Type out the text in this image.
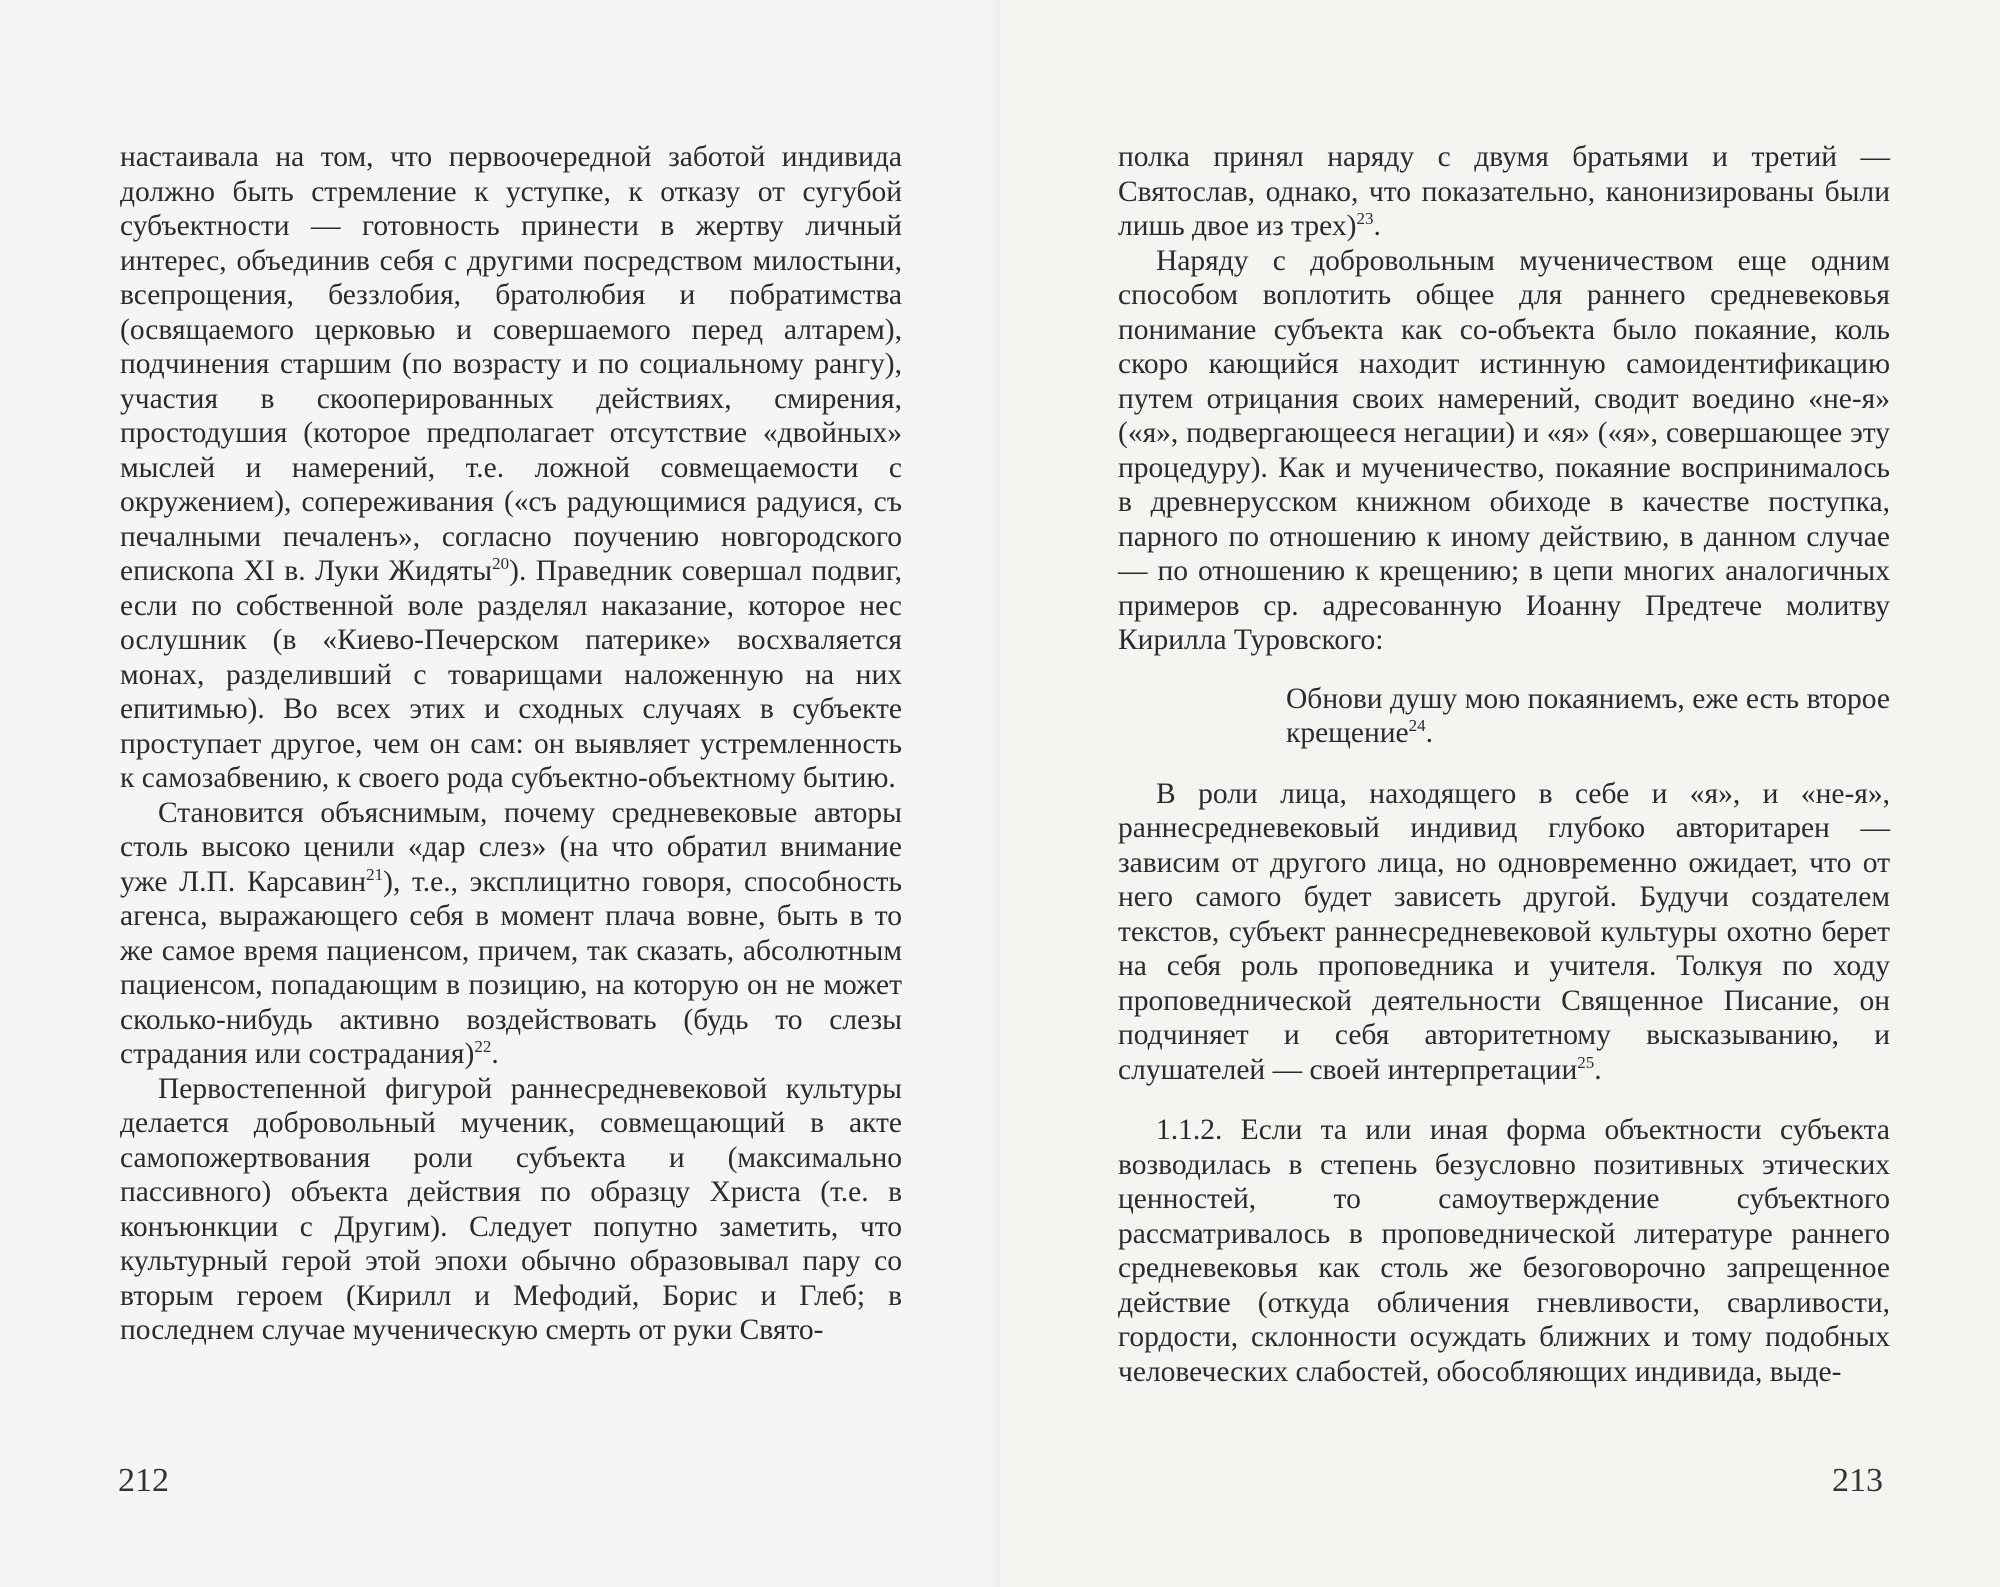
настаивала на том, что первоочередной заботой индивида должно быть стремление к уступке, к отказу от сугубой субъектности — готовность принести в жертву личный интерес, объединив себя с другими посредством милостыни, всепрощения, беззлобия, братолюбия и побратимства (освящаемого церковью и совершаемого перед алтарем), подчинения старшим (по возрасту и по социальному рангу), участия в скооперированных действиях, смирения, простодушия (которое предполагает отсутствие «двойных» мыслей и намерений, т.е. ложной совмещаемости с окружением), сопереживания («съ радующимися радуися, съ печалными печаленъ», согласно поучению новгородского епископа XI в. Луки Жидяты$^{20}$). Праведник совершал подвиг, если по собственной воле разделял наказание, которое нес ослушник (в «Киево-Печерском патерике» восхваляется монах, разделивший с товарищами наложенную на них епитимью). Во всех этих и сходных случаях в субъекте проступает другое, чем он сам: он выявляет устремленность к самозабвению, к своего рода субъектно-объектному бытию.

Становится объяснимым, почему средневековые авторы столь высоко ценили «дар слез» (на что обратил внимание уже Л.П. Карсавин$^{21}$), т.е., эксплицитно говоря, способность агенса, выражающего себя в момент плача вовне, быть в то же самое время пациенсом, причем, так сказать, абсолютным пациенсом, попадающим в позицию, на которую он не может сколько-нибудь активно воздействовать (будь то слезы страдания или сострадания)$^{22}$.

Первостепенной фигурой раннесредневековой культуры делается добровольный мученик, совмещающий в акте самопожертвования роли субъекта и (максимально пассивного) объекта действия по образцу Христа (т.е. в конъюнкции с Другим). Следует попутно заметить, что культурный герой этой эпохи обычно образовывал пару со вторым героем (Кирилл и Мефодий, Борис и Глеб; в последнем случае мученическую смерть от руки Свято-

212

полка принял наряду с двумя братьями и третий — Святослав, однако, что показательно, канонизированы были лишь двое из трех)$^{23}$.

Наряду с добровольным мученичеством еще одним способом воплотить общее для раннего средневековья понимание субъекта как со-объекта было покаяние, коль скоро кающийся находит истинную самоидентификацию путем отрицания своих намерений, сводит воедино «не-я» («я», подвергающееся негации) и «я» («я», совершающее эту процедуру). Как и мученичество, покаяние воспринималось в древнерусском книжном обиходе в качестве поступка, парного по отношению к иному действию, в данном случае — по отношению к крещению; в цепи многих аналогичных примеров ср. адресованную Иоанну Предтече молитву Кирилла Туровского:

Обнови душу мою покаяниемъ, еже есть второе крещение$^{24}$.

В роли лица, находящего в себе и «я», и «не-я», раннесредневековый индивид глубоко авторитарен — зависим от другого лица, но одновременно ожидает, что от него самого будет зависеть другой. Будучи создателем текстов, субъект раннесредневековой культуры охотно берет на себя роль проповедника и учителя. Толкуя по ходу проповеднической деятельности Священное Писание, он подчиняет и себя авторитетному высказыванию, и слушателей — своей интерпретации$^{25}$.

1.1.2. Если та или иная форма объектности субъекта возводилась в степень безусловно позитивных этических ценностей, то самоутверждение субъектного рассматривалось в проповеднической литературе раннего средневековья как столь же безоговорочно запрещенное действие (откуда обличения гневливости, сварливости, гордости, склонности осуждать ближних и тому подобных человеческих слабостей, обособляющих индивида, выде-

213
